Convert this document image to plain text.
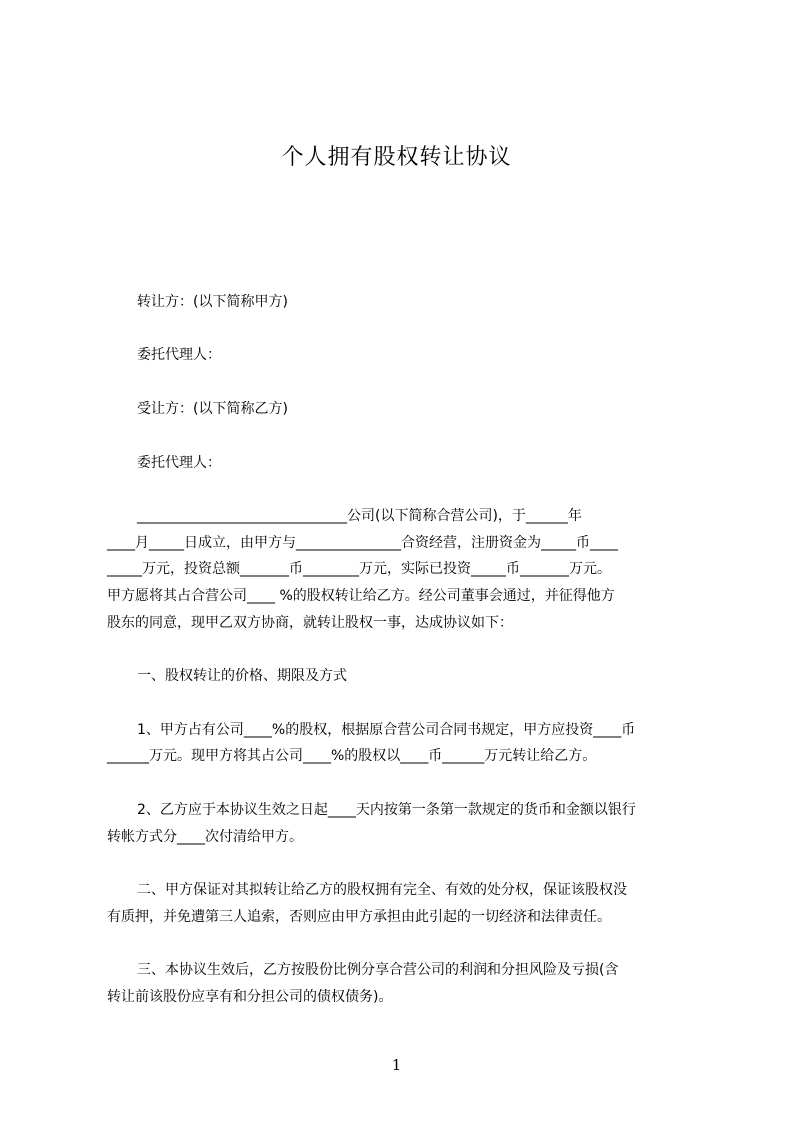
个人拥有股权转让协议

转让方：(以下简称甲方)

委托代理人：

受让方：(以下简称乙方)

委托代理人：

______________________________公司(以下简称合营公司)，于______年

____月_____日成立，由甲方与_______________合资经营，注册资金为_____币____

_____万元，投资总额_______币________万元，实际已投资_____币_______万元。

甲方愿将其占合营公司____ %的股权转让给乙方。经公司董事会通过，并征得他方

股东的同意，现甲乙双方协商，就转让股权一事，达成协议如下：

一、股权转让的价格、期限及方式

1、甲方占有公司____%的股权，根据原合营公司合同书规定，甲方应投资____币

______万元。现甲方将其占公司____%的股权以____币______万元转让给乙方。

2、乙方应于本协议生效之日起____天内按第一条第一款规定的货币和金额以银行

转帐方式分____次付清给甲方。

二、甲方保证对其拟转让给乙方的股权拥有完全、有效的处分权，保证该股权没

有质押，并免遭第三人追索，否则应由甲方承担由此引起的一切经济和法律责任。

三、本协议生效后，乙方按股份比例分享合营公司的利润和分担风险及亏损(含

转让前该股份应享有和分担公司的债权债务)。

1
